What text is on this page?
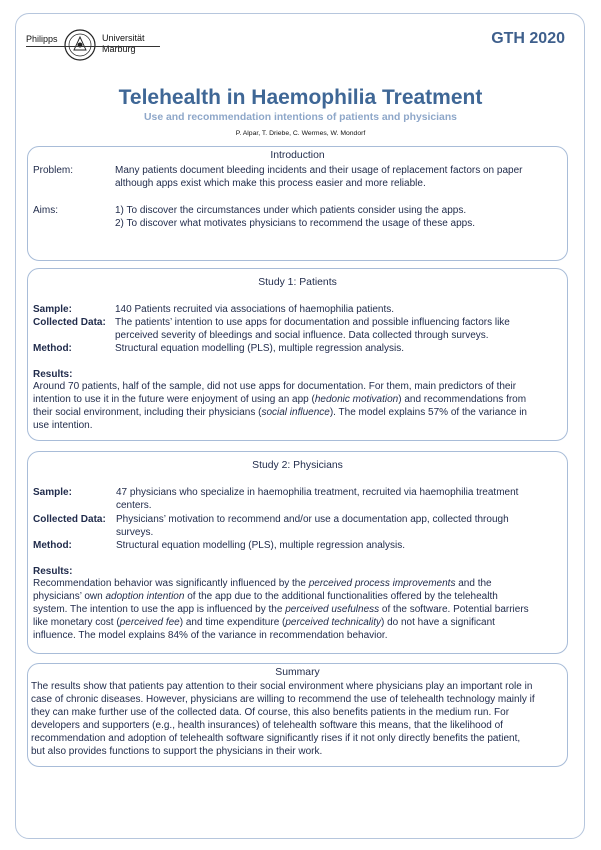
Philipps	Universität
Marburg
GTH 2020
Telehealth in Haemophilia Treatment
Use and recommendation intentions of patients and physicians
P. Alpar, T. Driebe, C. Wermes, W. Mondorf
Introduction
Problem:	Many patients document bleeding incidents and their usage of replacement factors on paper
although apps exist which make this process easier and more reliable.
Aims:	1) To discover the circumstances under which patients consider using the apps.
2) To discover what motivates physicians to recommend the usage of these apps.
Study 1: Patients
Sample:	140 Patients recruited via associations of haemophilia patients.
Collected Data: The patients’ intention to use apps for documentation and possible influencing factors like
perceived severity of bleedings and social influence. Data collected through surveys.
Method:	Structural equation modelling (PLS), multiple regression analysis.
Results:
Around 70 patients, half of the sample, did not use apps for documentation. For them, main predictors of their
intention to use it in the future were enjoyment of using an app (hedonic motivation) and recommendations from
their social environment, including their physicians (social influence). The model explains 57% of the variance in
use intention.
Study 2: Physicians
Sample:	47 physicians who specialize in haemophilia treatment, recruited via haemophilia treatment
centers.
Collected Data: Physicians’ motivation to recommend and/or use a documentation app, collected through
surveys.
Method:	Structural equation modelling (PLS), multiple regression analysis.
Results:
Recommendation behavior was significantly influenced by the perceived process improvements and the
physicians’ own adoption intention of the app due to the additional functionalities offered by the telehealth
system. The intention to use the app is influenced by the perceived usefulness of the software. Potential barriers
like monetary cost (perceived fee) and time expenditure (perceived technicality) do not have a significant
influence. The model explains 84% of the variance in recommendation behavior.
Summary
The results show that patients pay attention to their social environment where physicians play an important role in
case of chronic diseases. However, physicians are willing to recommend the use of telehealth technology mainly if
they can make further use of the collected data. Of course, this also benefits patients in the medium run. For
developers and supporters (e.g., health insurances) of telehealth software this means, that the likelihood of
recommendation and adoption of telehealth software significantly rises if it not only directly benefits the patient,
but also provides functions to support the physicians in their work.
